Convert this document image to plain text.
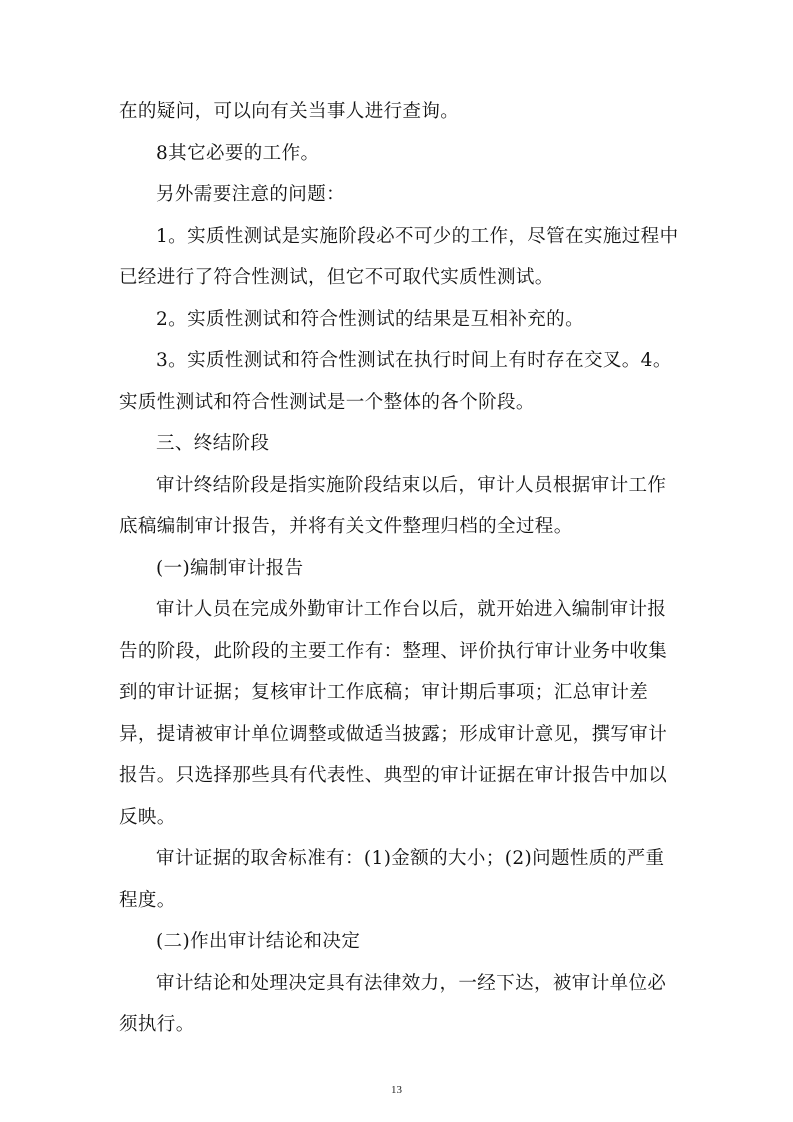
在的疑问，可以向有关当事人进行查询。

8其它必要的工作。

另外需要注意的问题：

1。实质性测试是实施阶段必不可少的工作，尽管在实施过程中已经进行了符合性测试，但它不可取代实质性测试。

2。实质性测试和符合性测试的结果是互相补充的。

3。实质性测试和符合性测试在执行时间上有时存在交叉。4。实质性测试和符合性测试是一个整体的各个阶段。

三、终结阶段

审计终结阶段是指实施阶段结束以后，审计人员根据审计工作底稿编制审计报告，并将有关文件整理归档的全过程。

(一)编制审计报告

审计人员在完成外勤审计工作台以后，就开始进入编制审计报告的阶段，此阶段的主要工作有：整理、评价执行审计业务中收集到的审计证据；复核审计工作底稿；审计期后事项；汇总审计差异，提请被审计单位调整或做适当披露；形成审计意见，撰写审计报告。只选择那些具有代表性、典型的审计证据在审计报告中加以反映。

审计证据的取舍标准有：(1)金额的大小；(2)问题性质的严重程度。

(二)作出审计结论和决定

审计结论和处理决定具有法律效力，一经下达，被审计单位必须执行。

13
